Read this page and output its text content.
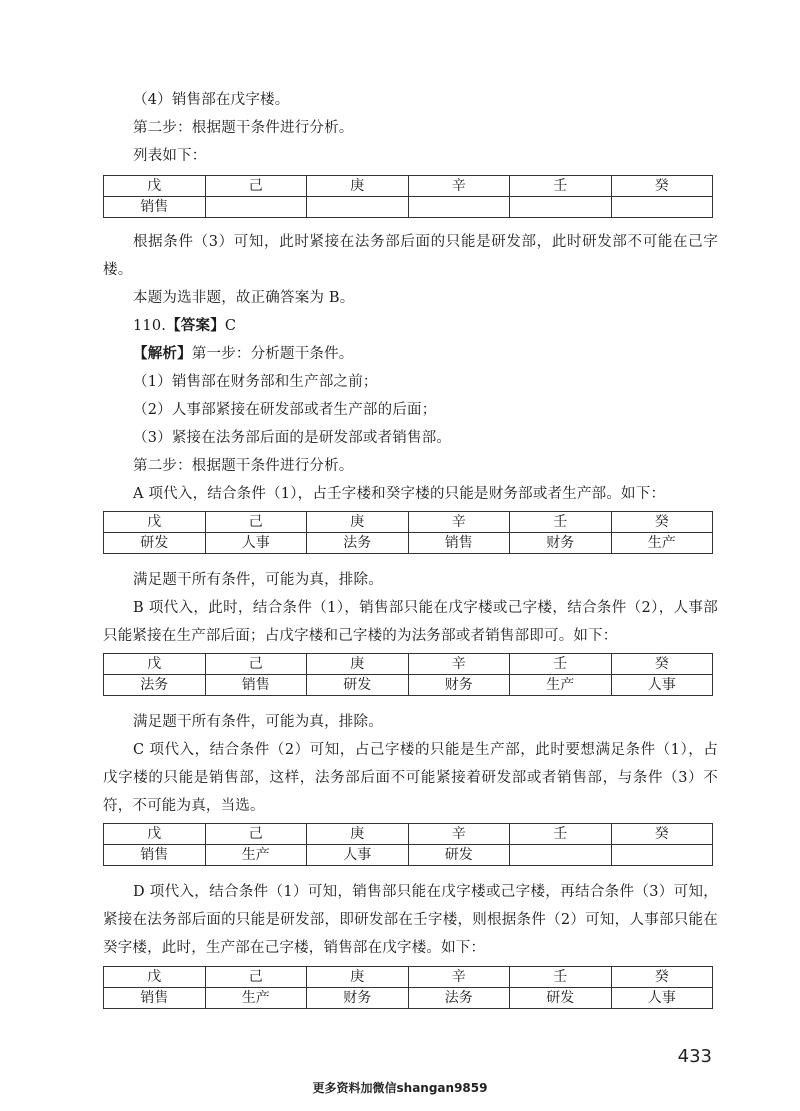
（4）销售部在戊字楼。

第二步：根据题干条件进行分析。

列表如下：

戊	己	庚	辛	壬	癸
销售					

根据条件（3）可知，此时紧接在法务部后面的只能是研发部，此时研发部不可能在己字楼。

本题为选非题，故正确答案为 B。

110.【答案】C

【解析】第一步：分析题干条件。

（1）销售部在财务部和生产部之前；

（2）人事部紧接在研发部或者生产部的后面；

（3）紧接在法务部后面的是研发部或者销售部。

第二步：根据题干条件进行分析。

A 项代入，结合条件（1），占壬字楼和癸字楼的只能是财务部或者生产部。如下：

戊	己	庚	辛	壬	癸
研发	人事	法务	销售	财务	生产

满足题干所有条件，可能为真，排除。

B 项代入，此时，结合条件（1），销售部只能在戊字楼或己字楼，结合条件（2），人事部只能紧接在生产部后面；占戊字楼和己字楼的为法务部或者销售部即可。如下：

戊	己	庚	辛	壬	癸
法务	销售	研发	财务	生产	人事

满足题干所有条件，可能为真，排除。

C 项代入，结合条件（2）可知，占己字楼的只能是生产部，此时要想满足条件（1），占戊字楼的只能是销售部，这样，法务部后面不可能紧接着研发部或者销售部，与条件（3）不符，不可能为真，当选。

戊	己	庚	辛	壬	癸
销售	生产	人事	研发		

D 项代入，结合条件（1）可知，销售部只能在戊字楼或己字楼，再结合条件（3）可知，紧接在法务部后面的只能是研发部，即研发部在壬字楼，则根据条件（2）可知，人事部只能在癸字楼，此时，生产部在己字楼，销售部在戊字楼。如下：

戊	己	庚	辛	壬	癸
销售	生产	财务	法务	研发	人事
433
更多资料加微信shangan9859
